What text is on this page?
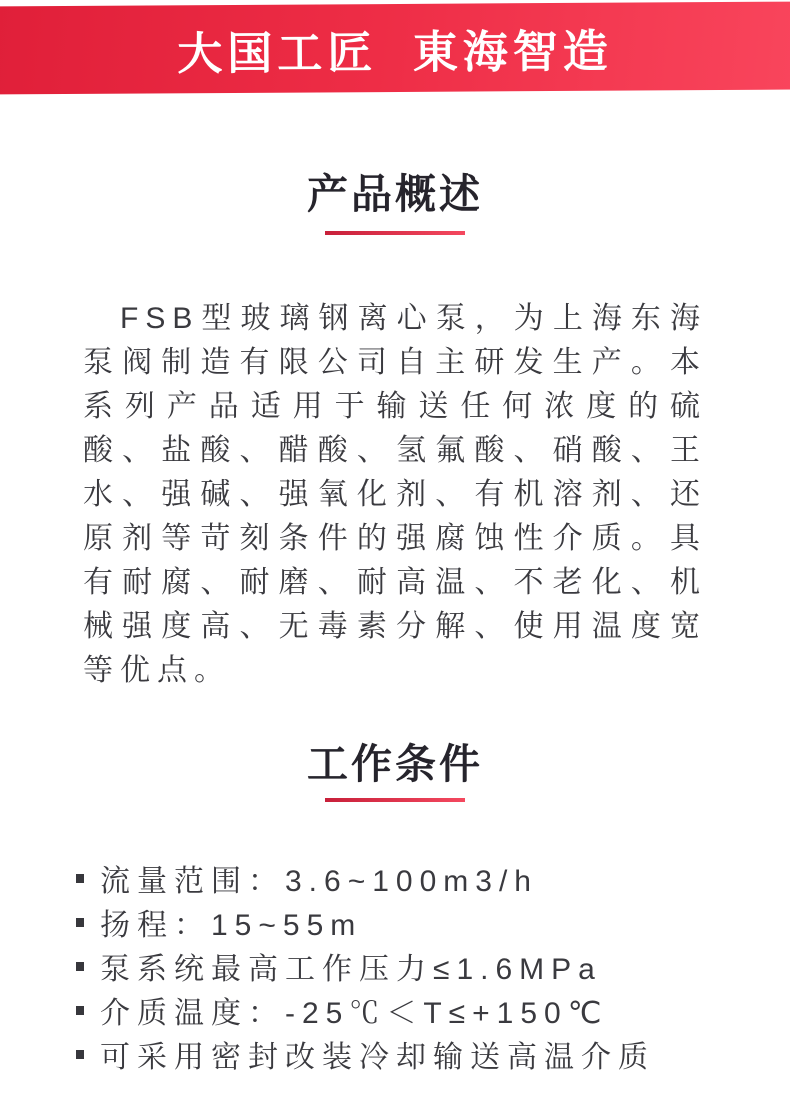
大国工匠 東海智造
产品概述
FSB型玻璃钢离心泵，为上海东海泵阀制造有限公司自主研发生产。本系列产品适用于输送任何浓度的硫酸、盐酸、醋酸、氢氟酸、硝酸、王水、强碱、强氧化剂、有机溶剂、还原剂等苛刻条件的强腐蚀性介质。具有耐腐、耐磨、耐高温、不老化、机械强度高、无毒素分解、使用温度宽等优点。
工作条件
流量范围：3.6~100m3/h
扬程：15~55m
泵系统最高工作压力≤1.6MPa
介质温度：-25℃＜T≤+150℃
可采用密封改装冷却输送高温介质
